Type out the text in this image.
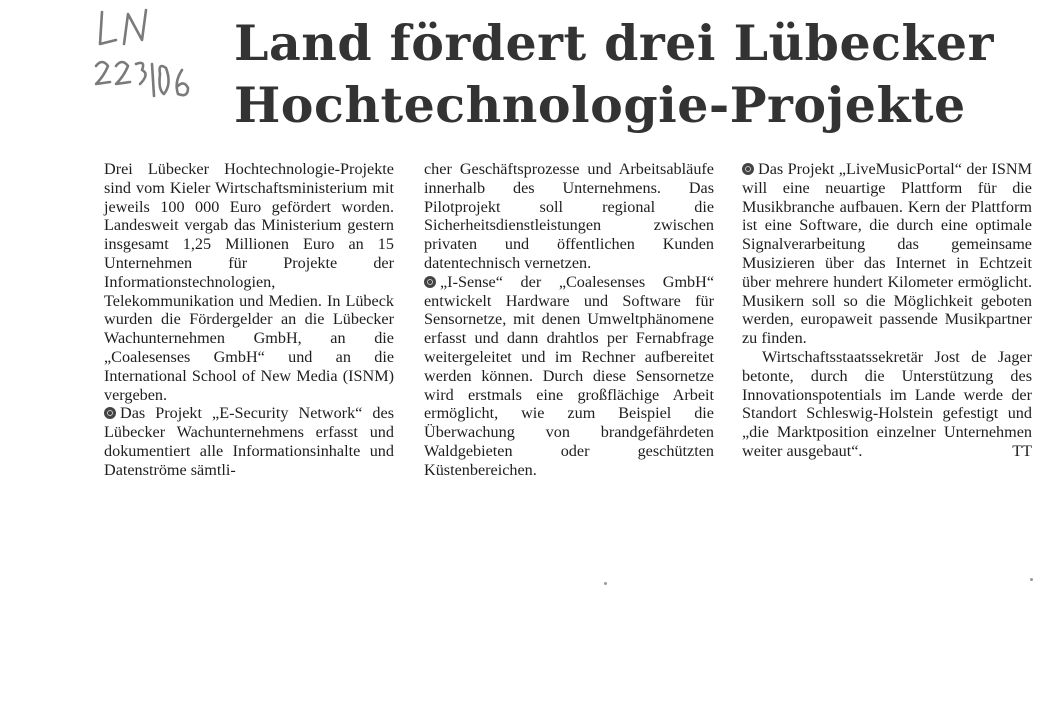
Land fördert drei Lübecker
Hochtechnologie-Projekte

Drei Lübecker Hochtechnologie-Projekte sind vom Kieler Wirtschaftsministerium mit jeweils 100 000 Euro gefördert worden. Landesweit vergab das Ministerium gestern insgesamt 1,25 Millionen Euro an 15 Unternehmen für Projekte der Informationstechnologien, Telekommunikation und Medien. In Lübeck wurden die Fördergelder an die Lübecker Wachunternehmen GmbH, an die „Coalesenses GmbH“ und an die International School of New Media (ISNM) vergeben.

Das Projekt „E-Security Network“ des Lübecker Wachunternehmens erfasst und dokumentiert alle Informationsinhalte und Datenströme sämtli-

cher Geschäftsprozesse und Arbeitsabläufe innerhalb des Unternehmens. Das Pilotprojekt soll regional die Sicherheitsdienstleistungen zwischen privaten und öffentlichen Kunden datentechnisch vernetzen.

„I-Sense“ der „Coalesenses GmbH“ entwickelt Hardware und Software für Sensornetze, mit denen Umweltphänomene erfasst und dann drahtlos per Fernabfrage weitergeleitet und im Rechner aufbereitet werden können. Durch diese Sensornetze wird erstmals eine großflächige Arbeit ermöglicht, wie zum Beispiel die Überwachung von brandgefährdeten Waldgebieten oder geschützten Küstenbereichen.

Das Projekt „LiveMusicPortal“ der ISNM will eine neuartige Plattform für die Musikbranche aufbauen. Kern der Plattform ist eine Software, die durch eine optimale Signalverarbeitung das gemeinsame Musizieren über das Internet in Echtzeit über mehrere hundert Kilometer ermöglicht. Musikern soll so die Möglichkeit geboten werden, europaweit passende Musikpartner zu finden.

Wirtschaftsstaatssekretär Jost de Jager betonte, durch die Unterstützung des Innovationspotentials im Lande werde der Standort Schleswig-Holstein gefestigt und „die Marktposition einzelner Unternehmen weiter ausgebaut“.	TT
